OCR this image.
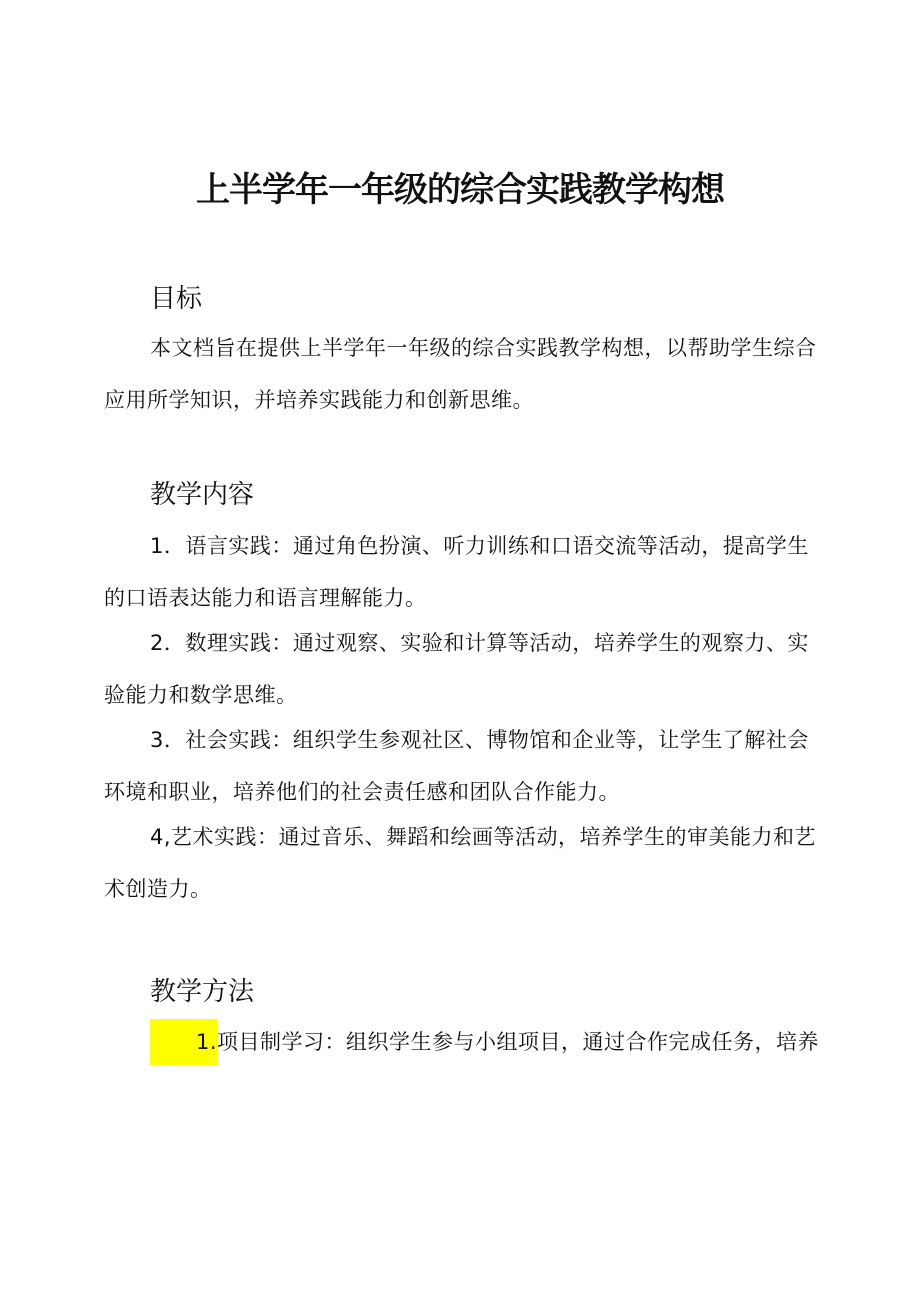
上半学年一年级的综合实践教学构想
目标

本文档旨在提供上半学年一年级的综合实践教学构想，以帮助学生综合应用所学知识，并培养实践能力和创新思维。

教学内容

1．语言实践：通过角色扮演、听力训练和口语交流等活动，提高学生的口语表达能力和语言理解能力。

2．数理实践：通过观察、实验和计算等活动，培养学生的观察力、实验能力和数学思维。

3．社会实践：组织学生参观社区、博物馆和企业等，让学生了解社会环境和职业，培养他们的社会责任感和团队合作能力。

4,艺术实践：通过音乐、舞蹈和绘画等活动，培养学生的审美能力和艺术创造力。

教学方法

1.项目制学习：组织学生参与小组项目，通过合作完成任务，培养
